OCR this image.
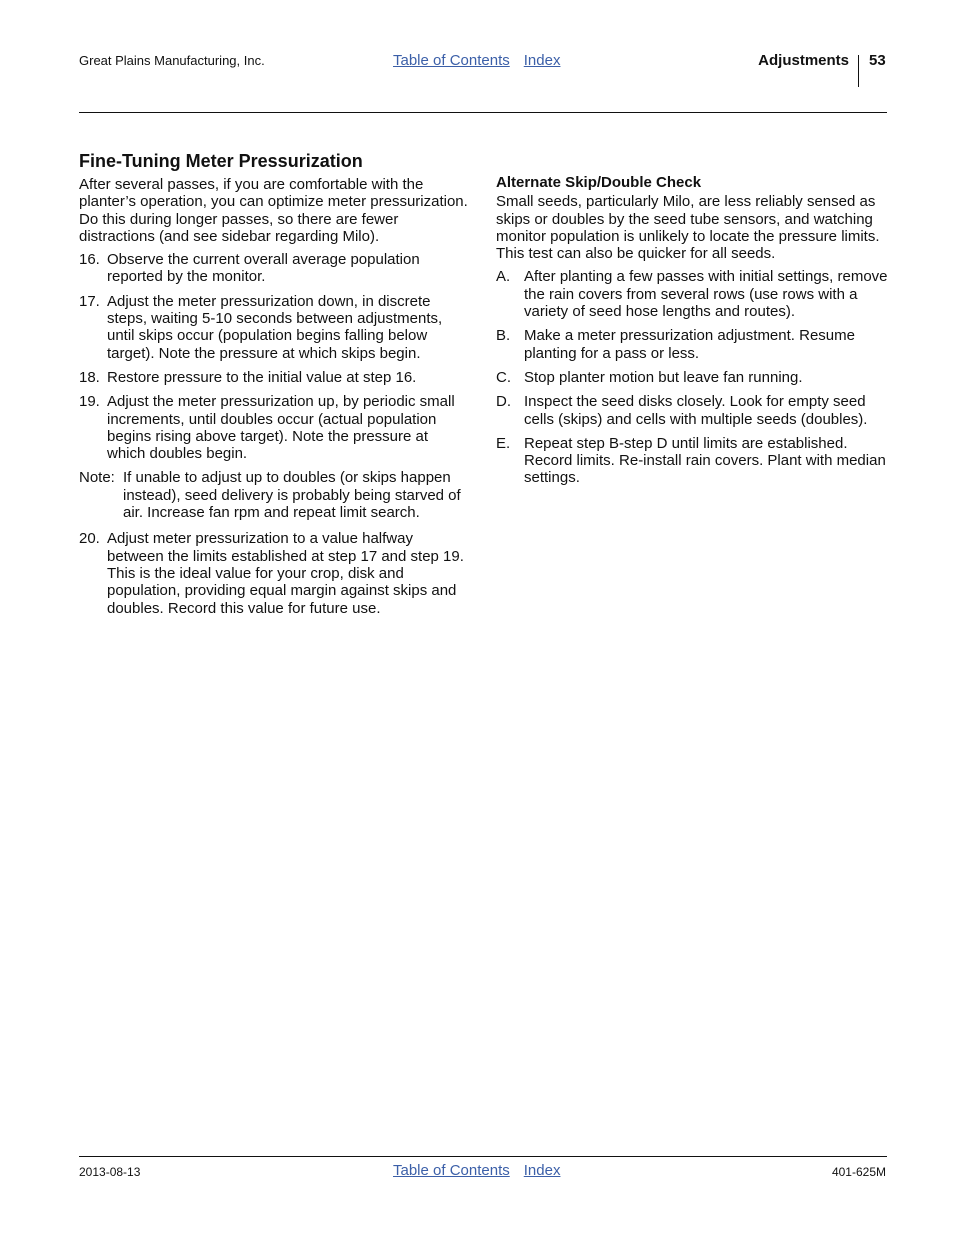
Great Plains Manufacturing, Inc.	Table of Contents Index	Adjustments 53
Fine-Tuning Meter Pressurization

After several passes, if you are comfortable with the planter’s operation, you can optimize meter pressurization. Do this during longer passes, so there are fewer distractions (and see sidebar regarding Milo).

16. Observe the current overall average population reported by the monitor.
17. Adjust the meter pressurization down, in discrete steps, waiting 5-10 seconds between adjustments, until skips occur (population begins falling below target). Note the pressure at which skips begin.
18. Restore pressure to the initial value at step 16.
19. Adjust the meter pressurization up, by periodic small increments, until doubles occur (actual population begins rising above target). Note the pressure at which doubles begin.
Note: If unable to adjust up to doubles (or skips happen instead), seed delivery is probably being starved of air. Increase fan rpm and repeat limit search.
20. Adjust meter pressurization to a value halfway between the limits established at step 17 and step 19. This is the ideal value for your crop, disk and population, providing equal margin against skips and doubles. Record this value for future use.
Alternate Skip/Double Check

Small seeds, particularly Milo, are less reliably sensed as skips or doubles by the seed tube sensors, and watching monitor population is unlikely to locate the pressure limits. This test can also be quicker for all seeds.

A. After planting a few passes with initial settings, remove the rain covers from several rows (use rows with a variety of seed hose lengths and routes).
B. Make a meter pressurization adjustment. Resume planting for a pass or less.
C. Stop planter motion but leave fan running.
D. Inspect the seed disks closely. Look for empty seed cells (skips) and cells with multiple seeds (doubles).
E. Repeat step B-step D until limits are established. Record limits. Re-install rain covers. Plant with median settings.
2013-08-13	Table of Contents Index	401-625M
